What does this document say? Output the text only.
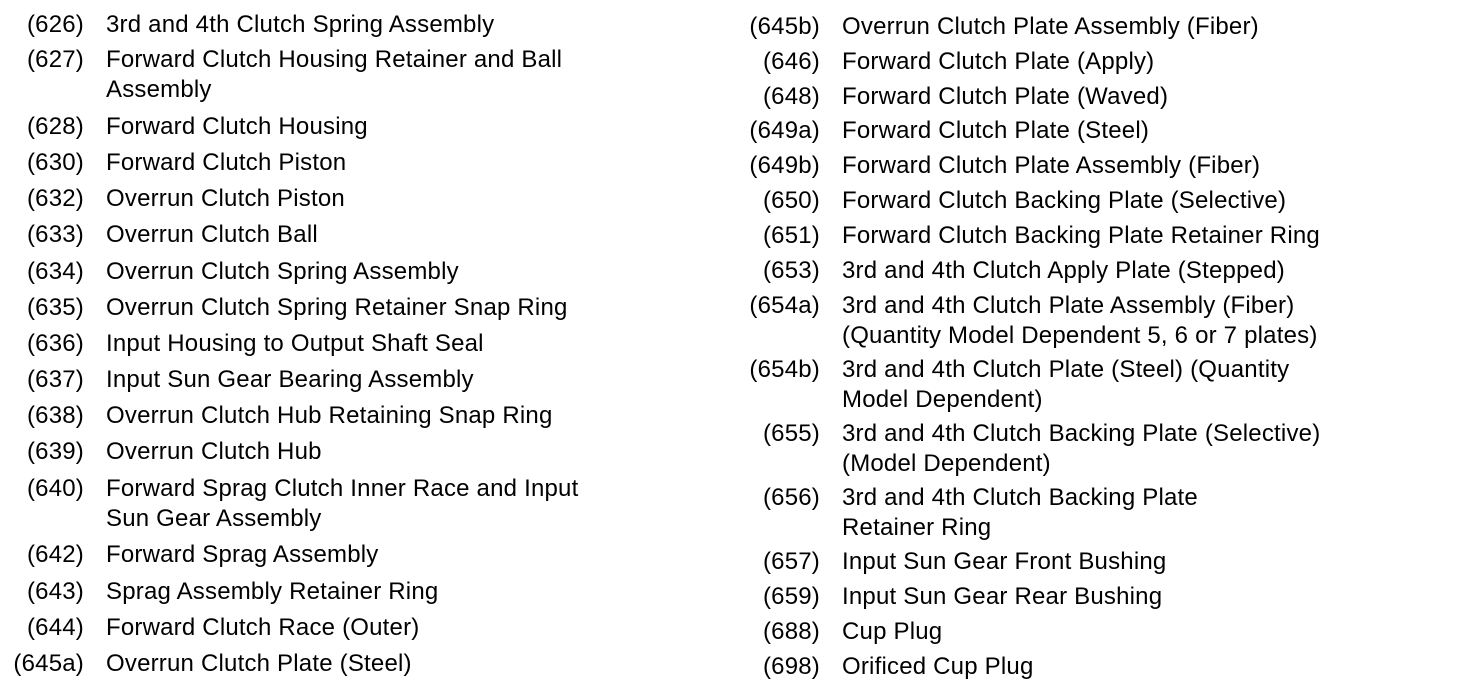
(626) 3rd and 4th Clutch Spring Assembly
(627) Forward Clutch Housing Retainer and Ball
Assembly
(628) Forward Clutch Housing
(630) Forward Clutch Piston
(632) Overrun Clutch Piston
(633) Overrun Clutch Ball
(634) Overrun Clutch Spring Assembly
(635) Overrun Clutch Spring Retainer Snap Ring
(636) Input Housing to Output Shaft Seal
(637) Input Sun Gear Bearing Assembly
(638) Overrun Clutch Hub Retaining Snap Ring
(639) Overrun Clutch Hub
(640) Forward Sprag Clutch Inner Race and Input
Sun Gear Assembly
(642) Forward Sprag Assembly
(643) Sprag Assembly Retainer Ring
(644) Forward Clutch Race (Outer)
(645a) Overrun Clutch Plate (Steel)
(645b) Overrun Clutch Plate Assembly (Fiber)
(646) Forward Clutch Plate (Apply)
(648) Forward Clutch Plate (Waved)
(649a) Forward Clutch Plate (Steel)
(649b) Forward Clutch Plate Assembly (Fiber)
(650) Forward Clutch Backing Plate (Selective)
(651) Forward Clutch Backing Plate Retainer Ring
(653) 3rd and 4th Clutch Apply Plate (Stepped)
(654a) 3rd and 4th Clutch Plate Assembly (Fiber)
(Quantity Model Dependent 5, 6 or 7 plates)
(654b) 3rd and 4th Clutch Plate (Steel) (Quantity
Model Dependent)
(655) 3rd and 4th Clutch Backing Plate (Selective)
(Model Dependent)
(656) 3rd and 4th Clutch Backing Plate
Retainer Ring
(657) Input Sun Gear Front Bushing
(659) Input Sun Gear Rear Bushing
(688) Cup Plug
(698) Orificed Cup Plug
